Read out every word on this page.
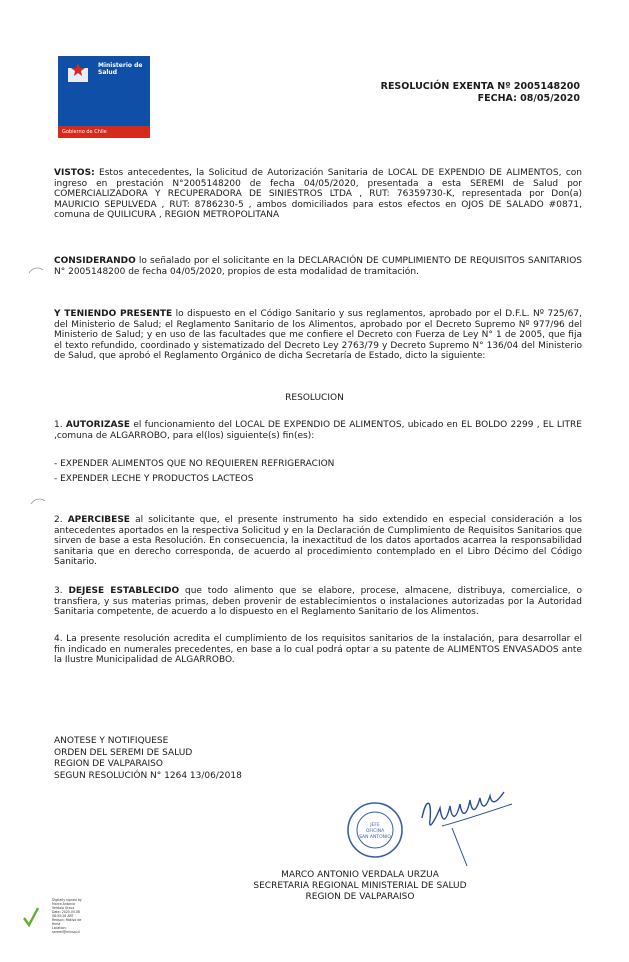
Ministerio de
Salud
Gobierno de Chile
RESOLUCIÓN EXENTA Nº 2005148200
FECHA: 08/05/2020
VISTOS: Estos antecedentes, la Solicitud de Autorización Sanitaria de LOCAL DE EXPENDIO DE ALIMENTOS, con ingreso en prestación N°2005148200 de fecha 04/05/2020, presentada a esta SEREMI de Salud por COMERCIALIZADORA Y RECUPERADORA DE SINIESTROS LTDA , RUT: 76359730-K, representada por Don(a) MAURICIO SEPULVEDA , RUT: 8786230-5 , ambos domiciliados para estos efectos en OJOS DE SALADO #0871, comuna de QUILICURA , REGION METROPOLITANA
CONSIDERANDO lo señalado por el solicitante en la DECLARACIÓN DE CUMPLIMIENTO DE REQUISITOS SANITARIOS N° 2005148200 de fecha 04/05/2020, propios de esta modalidad de tramitación.
Y TENIENDO PRESENTE lo dispuesto en el Código Sanitario y sus reglamentos, aprobado por el D.F.L. Nº 725/67, del Ministerio de Salud; el Reglamento Sanitario de los Alimentos, aprobado por el Decreto Supremo Nº 977/96 del Ministerio de Salud; y en uso de las facultades que me confiere el Decreto con Fuerza de Ley N° 1 de 2005, que fija el texto refundido, coordinado y sistematizado del Decreto Ley 2763/79 y Decreto Supremo N° 136/04 del Ministerio de Salud, que aprobó el Reglamento Orgánico de dicha Secretaría de Estado, dicto la siguiente:
RESOLUCION
1. AUTORIZASE el funcionamiento del LOCAL DE EXPENDIO DE ALIMENTOS, ubicado en EL BOLDO 2299 , EL LITRE ,comuna de ALGARROBO, para el(los) siguiente(s) fin(es):
- EXPENDER ALIMENTOS QUE NO REQUIEREN REFRIGERACION
- EXPENDER LECHE Y PRODUCTOS LACTEOS
2. APERCIBESE al solicitante que, el presente instrumento ha sido extendido en especial consideración a los antecedentes aportados en la respectiva Solicitud y en la Declaración de Cumplimiento de Requisitos Sanitarios que sirven de base a esta Resolución. En consecuencia, la inexactitud de los datos aportados acarrea la responsabilidad sanitaria que en derecho corresponda, de acuerdo al procedimiento contemplado en el Libro Décimo del Código Sanitario.
3. DEJESE ESTABLECIDO que todo alimento que se elabore, procese, almacene, distribuya, comercialice, o transfiera, y sus materias primas, deben provenir de establecimientos o instalaciones autorizadas por la Autoridad Sanitaria competente, de acuerdo a lo dispuesto en el Reglamento Sanitario de los Alimentos.
4. La presente resolución acredita el cumplimiento de los requisitos sanitarios de la instalación, para desarrollar el fin indicado en numerales precedentes, en base a lo cual podrá optar a su patente de ALIMENTOS ENVASADOS ante la Ilustre Municipalidad de ALGARROBO.
ANOTESE Y NOTIFIQUESE
ORDEN DEL SEREMI DE SALUD
REGION DE VALPARAISO
SEGUN RESOLUCIÓN N° 1264 13/06/2018
JEFE
OFICINA
SAN ANTONIO
MARCO ANTONIO VERDALA URZUA
SECRETARIA REGIONAL MINISTERIAL DE SALUD
REGION DE VALPARAISO
Digitally signed by
Marco Antonio
Verdala Urzua
Date: 2020.05.08
08:55:26 ART
Reason: Motivo de
firma
Location:
seremi@minsal.cl
